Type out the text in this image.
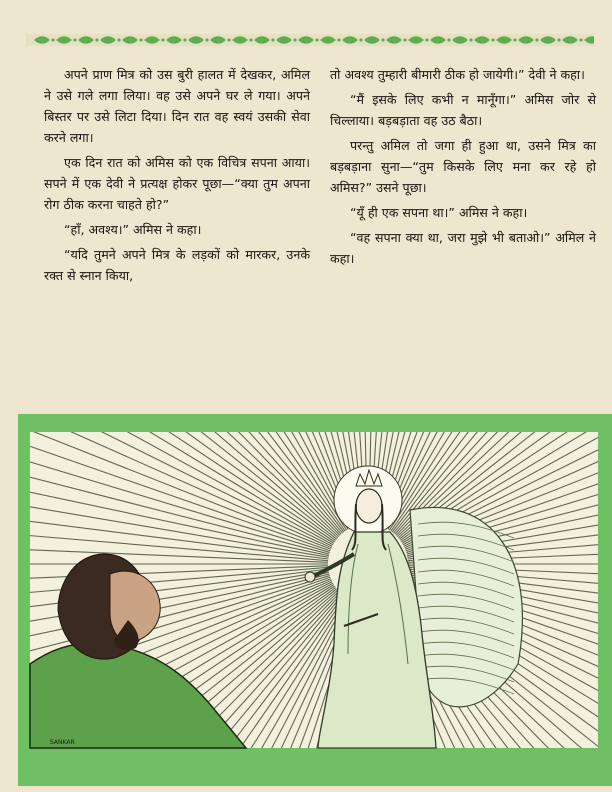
अपने प्राण मित्र को उस बुरी हालत में देखकर, अमिल ने उसे गले लगा लिया। वह उसे अपने घर ले गया। अपने बिस्तर पर उसे लिटा दिया। दिन रात वह स्वयं उसकी सेवा करने लगा।

एक दिन रात को अमिस को एक विचित्र सपना आया। सपने में एक देवी ने प्रत्यक्ष होकर पूछा—“क्या तुम अपना रोग ठीक करना चाहते हो?”

“हाँ, अवश्य।” अमिस ने कहा।

“यदि तुमने अपने मित्र के लड़कों को मारकर, उनके रक्त से स्नान किया,

तो अवश्य तुम्हारी बीमारी ठीक हो जायेगी।” देवी ने कहा।

“मैं इसके लिए कभी न मानूँगा।” अमिस जोर से चिल्लाया। बड़बड़ाता वह उठ बैठा।

परन्तु अमिल तो जगा ही हुआ था, उसने मित्र का बड़बड़ाना सुना—“तुम किसके लिए मना कर रहे हो अमिस?” उसने पूछा।

“यूँ ही एक सपना था।” अमिस ने कहा।

“वह सपना क्या था, जरा मुझे भी बताओ।” अमिल ने कहा।

SANKAR
